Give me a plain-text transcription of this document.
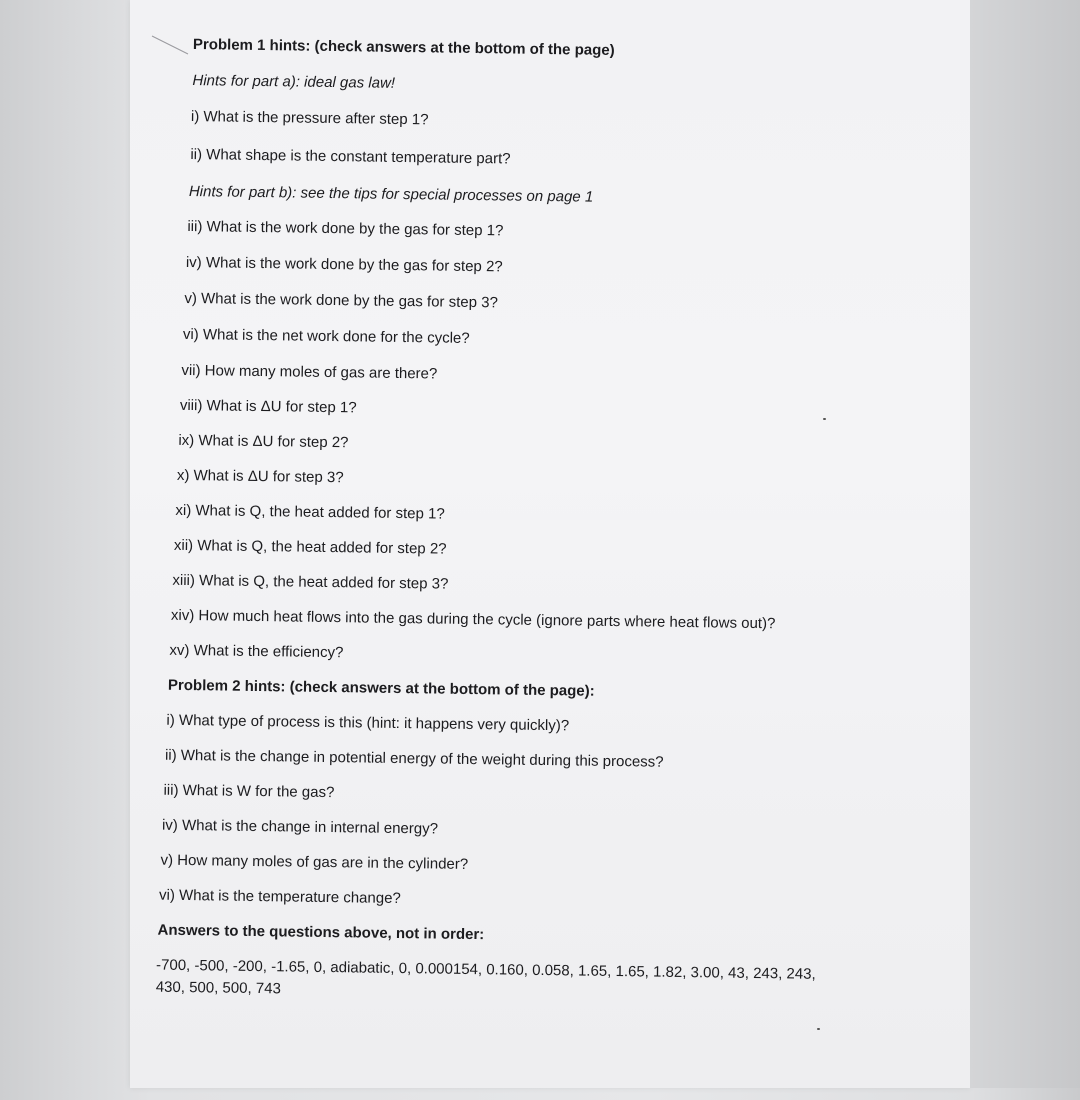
Problem 1 hints: (check answers at the bottom of the page)
Hints for part a): ideal gas law!
i) What is the pressure after step 1?
ii) What shape is the constant temperature part?
Hints for part b): see the tips for special processes on page 1
iii) What is the work done by the gas for step 1?
iv) What is the work done by the gas for step 2?
v) What is the work done by the gas for step 3?
vi) What is the net work done for the cycle?
vii) How many moles of gas are there?
viii) What is ΔU for step 1?
ix) What is ΔU for step 2?
x) What is ΔU for step 3?
xi) What is Q, the heat added for step 1?
xii) What is Q, the heat added for step 2?
xiii) What is Q, the heat added for step 3?
xiv) How much heat flows into the gas during the cycle (ignore parts where heat flows out)?
xv) What is the efficiency?
Problem 2 hints: (check answers at the bottom of the page):
i) What type of process is this (hint: it happens very quickly)?
ii) What is the change in potential energy of the weight during this process?
iii) What is W for the gas?
iv) What is the change in internal energy?
v) How many moles of gas are in the cylinder?
vi) What is the temperature change?
Answers to the questions above, not in order:
-700, -500, -200, -1.65, 0, adiabatic, 0, 0.000154, 0.160, 0.058, 1.65, 1.65, 1.82, 3.00, 43, 243, 243, 430, 500, 500, 743
